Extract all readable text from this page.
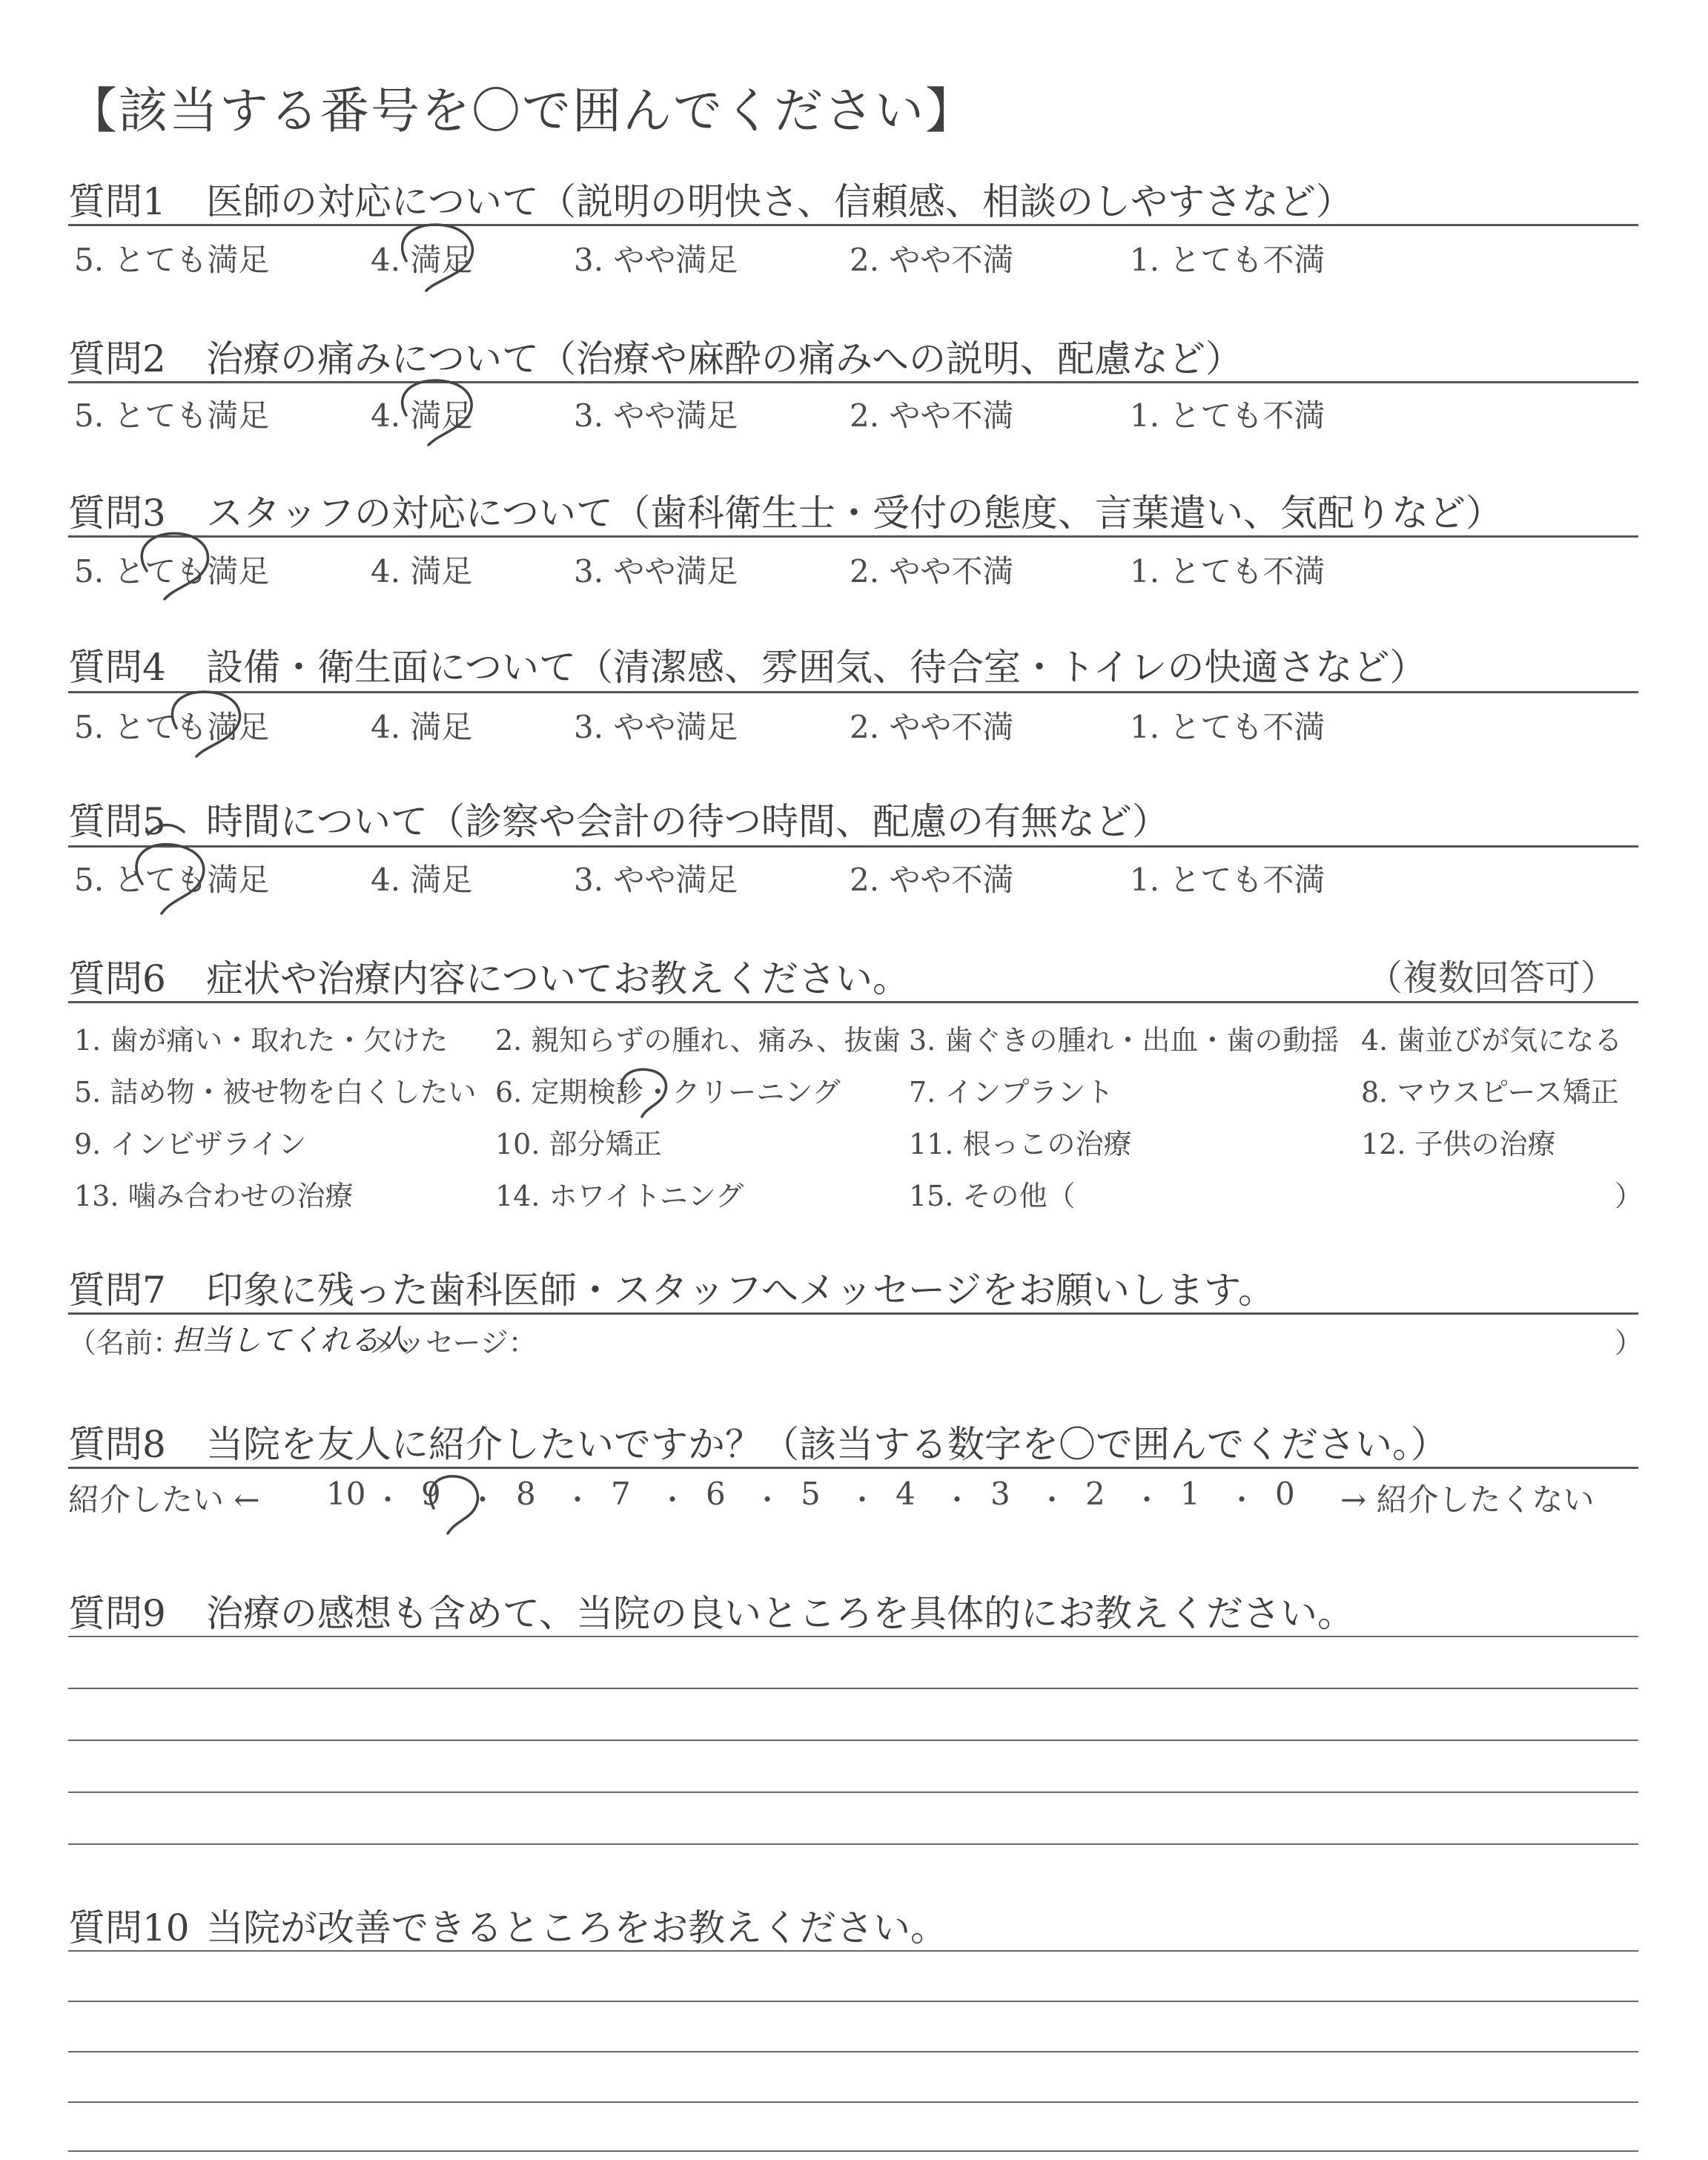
【該当する番号を〇で囲んでください】
質問1 医師の対応について（説明の明快さ、信頼感、相談のしやすさなど）
5. とても満足	4. 満足	3. やや満足	2. やや不満	1. とても不満
質問2 治療の痛みについて（治療や麻酔の痛みへの説明、配慮など）
5. とても満足	4. 満足	3. やや満足	2. やや不満	1. とても不満
質問3 スタッフの対応について（歯科衛生士・受付の態度、言葉遣い、気配りなど）
5. とても満足	4. 満足	3. やや満足	2. やや不満	1. とても不満
質問4 設備・衛生面について（清潔感、雰囲気、待合室・トイレの快適さなど）
5. とても満足	4. 満足	3. やや満足	2. やや不満	1. とても不満
質問5 時間について（診察や会計の待つ時間、配慮の有無など）
5. とても満足	4. 満足	3. やや満足	2. やや不満	1. とても不満
質問6 症状や治療内容についてお教えください。	（複数回答可）
1. 歯が痛い・取れた・欠けた 2. 親知らずの腫れ、痛み、抜歯 3. 歯ぐきの腫れ・出血・歯の動揺 4. 歯並びが気になる
5. 詰め物・被せ物を白くしたい 6. 定期検診・クリーニング 7. インプラント	8. マウスピース矯正
9. インビザライン	10. 部分矯正	11. 根っこの治療	12. 子供の治療
13. 噛み合わせの治療	14. ホワイトニング	15. その他（	）
質問7 印象に残った歯科医師・スタッフへメッセージをお願いします。
（名前：
担当してくれる人
メッセージ：	）
質問8 当院を友人に紹介したいですか？（該当する数字を〇で囲んでください。）
紹介したい ← 10 ・ 9 ・ 8 ・ 7 ・ 6 ・ 5 ・ 4 ・ 3 ・ 2 ・ 1 ・ 0 → 紹介したくない
質問9 治療の感想も含めて、当院の良いところを具体的にお教えください。
質問10 当院が改善できるところをお教えください。
